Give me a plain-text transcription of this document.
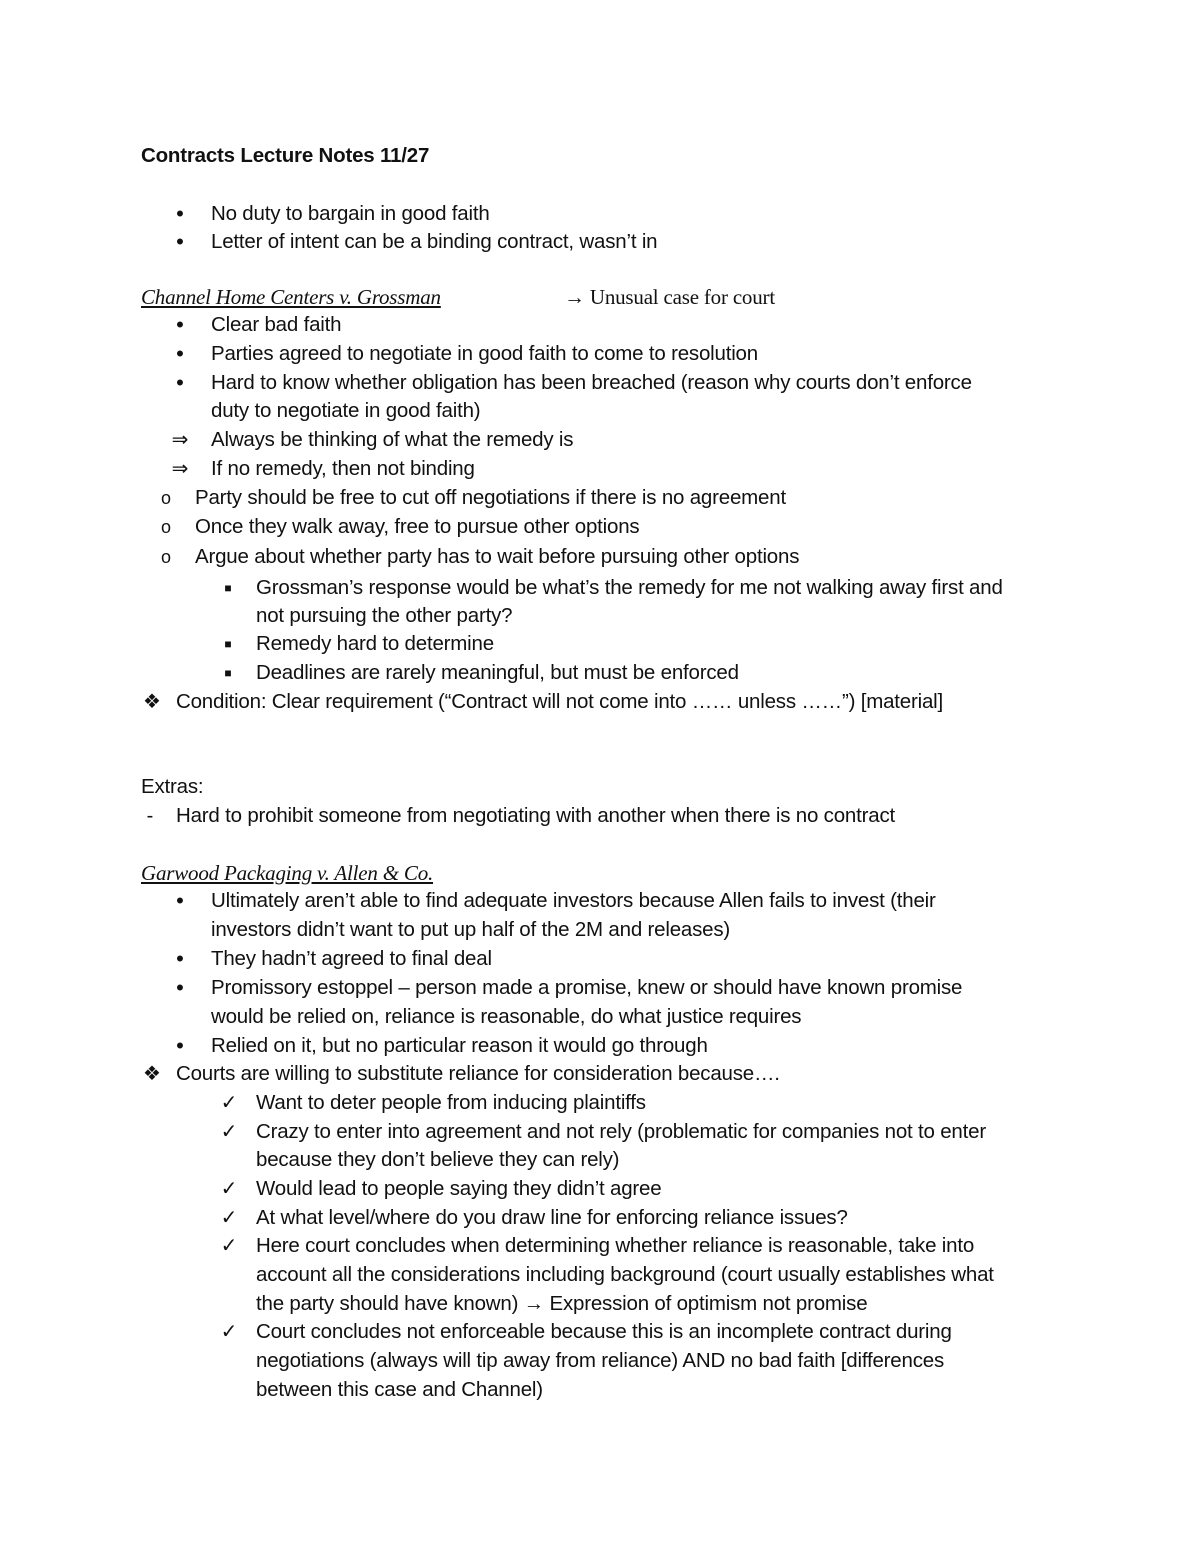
Contracts Lecture Notes 11/27
•	No duty to bargain in good faith
•	Letter of intent can be a binding contract, wasn’t in
Channel Home Centers v. Grossman	→ Unusual case for court
•	Clear bad faith
•	Parties agreed to negotiate in good faith to come to resolution
•	Hard to know whether obligation has been breached (reason why courts don’t enforce
duty to negotiate in good faith)
⇒ Always be thinking of what the remedy is
⇒ If no remedy, then not binding
o Party should be free to cut off negotiations if there is no agreement
o Once they walk away, free to pursue other options
o Argue about whether party has to wait before pursuing other options
■	Grossman’s response would be what’s the remedy for me not walking away first and
not pursuing the other party?
■	Remedy hard to determine
■	Deadlines are rarely meaningful, but must be enforced
❖ Condition: Clear requirement (“Contract will not come into …… unless ……”) [material]
Extras:
-	Hard to prohibit someone from negotiating with another when there is no contract
Garwood Packaging v. Allen & Co.
•	Ultimately aren’t able to find adequate investors because Allen fails to invest (their
investors didn’t want to put up half of the 2M and releases)
•	They hadn’t agreed to final deal
•	Promissory estoppel – person made a promise, knew or should have known promise
would be relied on, reliance is reasonable, do what justice requires
•	Relied on it, but no particular reason it would go through
❖ Courts are willing to substitute reliance for consideration because….
✓ Want to deter people from inducing plaintiffs
✓ Crazy to enter into agreement and not rely (problematic for companies not to enter
because they don’t believe they can rely)
✓ Would lead to people saying they didn’t agree
✓ At what level/where do you draw line for enforcing reliance issues?
✓ Here court concludes when determining whether reliance is reasonable, take into
account all the considerations including background (court usually establishes what
the party should have known) → Expression of optimism not promise
✓ Court concludes not enforceable because this is an incomplete contract during
negotiations (always will tip away from reliance) AND no bad faith [differences
between this case and Channel)
